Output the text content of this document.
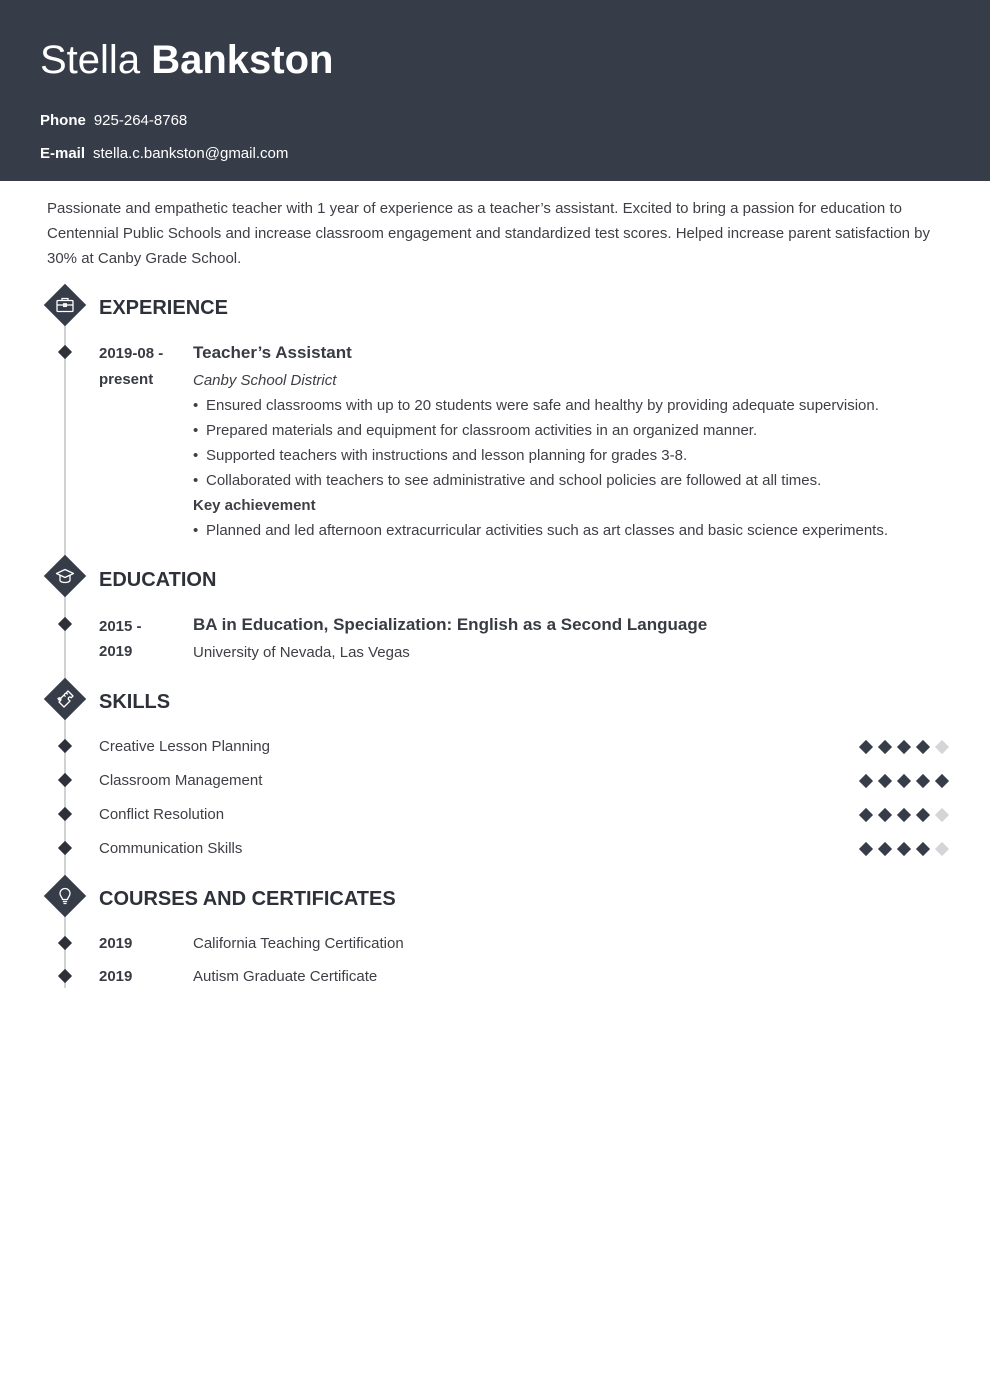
Stella Bankston
Phone 925-264-8768
E-mail stella.c.bankston@gmail.com
Passionate and empathetic teacher with 1 year of experience as a teacher’s assistant. Excited to bring a passion for education to Centennial Public Schools and increase classroom engagement and standardized test scores. Helped increase parent satisfaction by 30% at Canby Grade School.
EXPERIENCE
2019-08 -
present
Teacher’s Assistant
Canby School District
• Ensured classrooms with up to 20 students were safe and healthy by providing adequate supervision.
• Prepared materials and equipment for classroom activities in an organized manner.
• Supported teachers with instructions and lesson planning for grades 3-8.
• Collaborated with teachers to see administrative and school policies are followed at all times.
Key achievement
• Planned and led afternoon extracurricular activities such as art classes and basic science experiments.
EDUCATION
2015 -
2019
BA in Education, Specialization: English as a Second Language
University of Nevada, Las Vegas
SKILLS
Creative Lesson Planning
Classroom Management
Conflict Resolution
Communication Skills
COURSES AND CERTIFICATES
2019	California Teaching Certification
2019	Autism Graduate Certificate
